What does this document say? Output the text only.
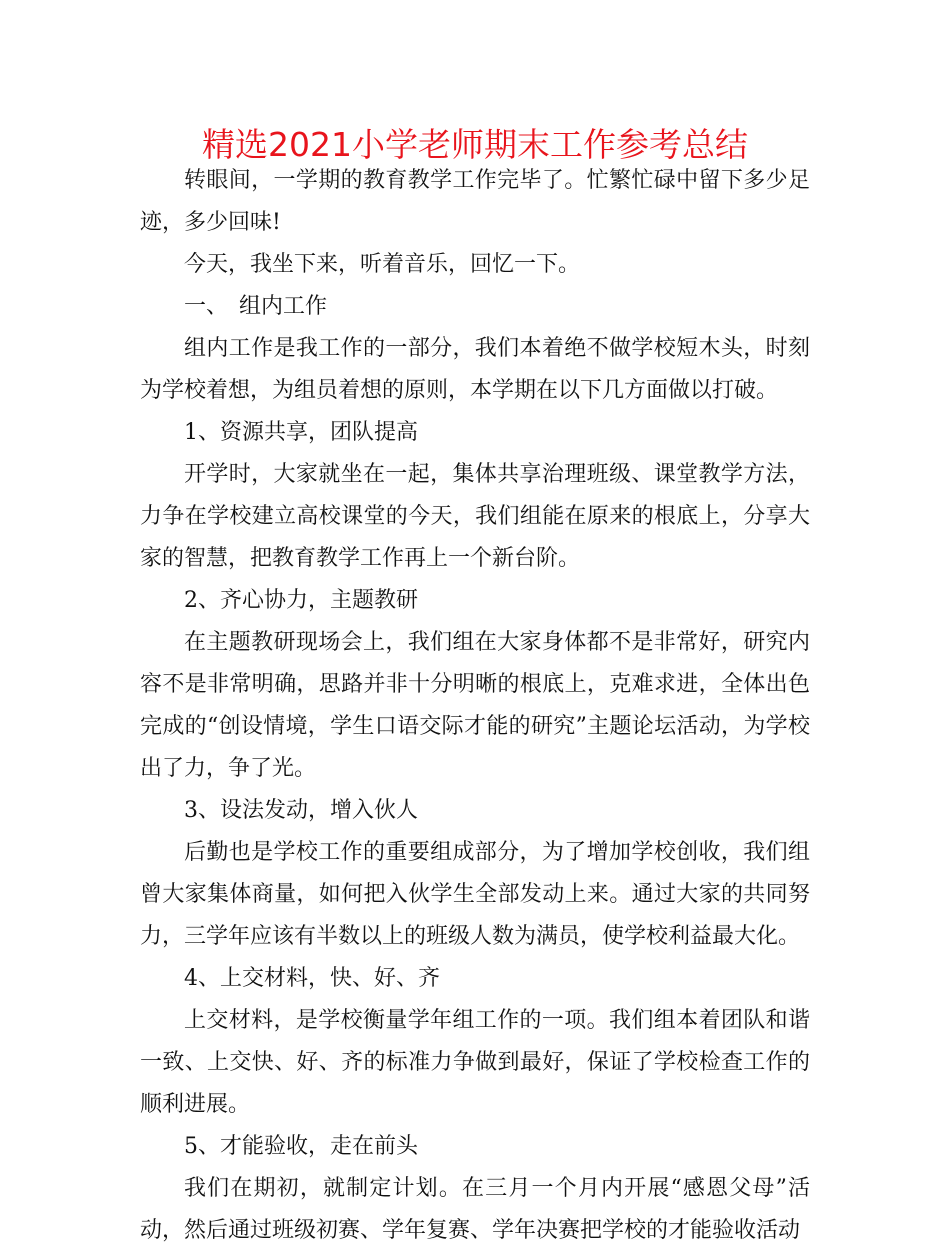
精选2021小学老师期末工作参考总结

转眼间，一学期的教育教学工作完毕了。忙繁忙碌中留下多少足迹，多少回味!

今天，我坐下来，听着音乐，回忆一下。

一、　组内工作

组内工作是我工作的一部分，我们本着绝不做学校短木头，时刻为学校着想，为组员着想的原则，本学期在以下几方面做以打破。

1、资源共享，团队提高

开学时，大家就坐在一起，集体共享治理班级、课堂教学方法，力争在学校建立高校课堂的今天，我们组能在原来的根底上，分享大家的智慧，把教育教学工作再上一个新台阶。

2、齐心协力，主题教研

在主题教研现场会上，我们组在大家身体都不是非常好，研究内容不是非常明确，思路并非十分明晰的根底上，克难求进，全体出色完成的“创设情境，学生口语交际才能的研究”主题论坛活动，为学校出了力，争了光。

3、设法发动，增入伙人

后勤也是学校工作的重要组成部分，为了增加学校创收，我们组曾大家集体商量，如何把入伙学生全部发动上来。通过大家的共同努力，三学年应该有半数以上的班级人数为满员，使学校利益最大化。

4、上交材料，快、好、齐

上交材料，是学校衡量学年组工作的一项。我们组本着团队和谐一致、上交快、好、齐的标准力争做到最好，保证了学校检查工作的顺利进展。

5、才能验收，走在前头

我们在期初，就制定计划。在三月一个月内开展“感恩父母”活动，然后通过班级初赛、学年复赛、学年决赛把学校的才能验收活动
